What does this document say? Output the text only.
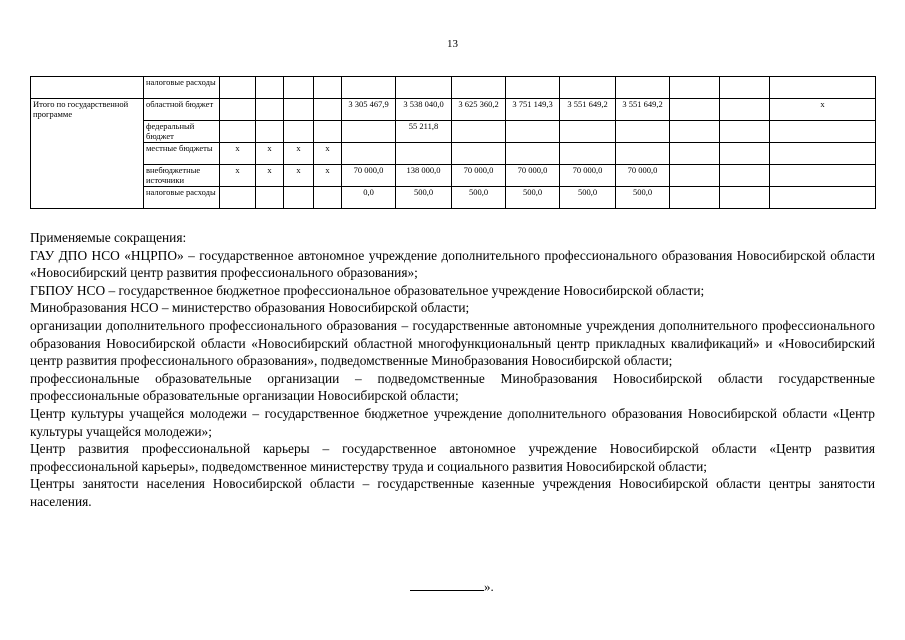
13
	налоговые расходы													
Итого по государственной программе	областной бюджет					3 305 467,9	3 538 040,0	3 625 360,2	3 751 149,3	3 551 649,2	3 551 649,2			х
	федеральный бюджет						55 211,8							
	местные бюджеты	х	х	х	х									
	внебюджетные источники	х	х	х	х	70 000,0	138 000,0	70 000,0	70 000,0	70 000,0	70 000,0			
	налоговые расходы					0,0	500,0	500,0	500,0	500,0	500,0			

Применяемые сокращения:

ГАУ ДПО НСО «НЦРПО» – государственное автономное учреждение дополнительного профессионального образования Новосибирской области «Новосибирский центр развития профессионального образования»;

ГБПОУ НСО – государственное бюджетное профессиональное образовательное учреждение Новосибирской области;

Минобразования НСО – министерство образования Новосибирской области;

организации дополнительного профессионального образования – государственные автономные учреждения дополнительного профессионального образования Новосибирской области «Новосибирский областной многофункциональный центр прикладных квалификаций» и «Новосибирский центр развития профессионального образования», подведомственные Минобразования Новосибирской области;

профессиональные образовательные организации – подведомственные Минобразования Новосибирской области государственные профессиональные образовательные организации Новосибирской области;

Центр культуры учащейся молодежи – государственное бюджетное учреждение дополнительного образования Новосибирской области «Центр культуры учащейся молодежи»;

Центр развития профессиональной карьеры – государственное автономное учреждение Новосибирской области «Центр развития профессиональной карьеры», подведомственное министерству труда и социального развития Новосибирской области;

Центры занятости населения Новосибирской области – государственные казенные учреждения Новосибирской области центры занятости населения.

».
